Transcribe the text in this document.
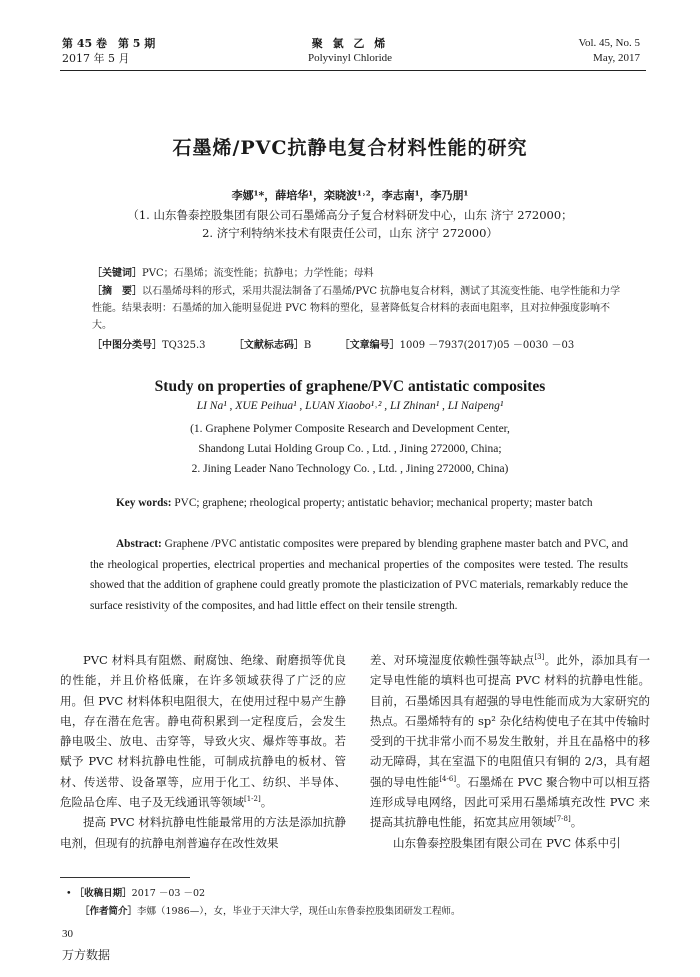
第 45 卷　第 5 期
2017 年 5 月
聚 氯 乙 烯
Polyvinyl Chloride
Vol. 45, No. 5
May, 2017
石墨烯/PVC抗静电复合材料性能的研究
李娜¹*，薛培华¹，栾晓波¹˒²，李志南¹，李乃朋¹
（1. 山东鲁泰控股集团有限公司石墨烯高分子复合材料研发中心，山东 济宁 272000；
2. 济宁利特纳米技术有限责任公司，山东 济宁 272000）
［关键词］PVC；石墨烯；流变性能；抗静电；力学性能；母料
［摘　要］以石墨烯母料的形式，采用共混法制备了石墨烯/PVC 抗静电复合材料，测试了其流变性能、电学性能和力学性能。结果表明：石墨烯的加入能明显促进 PVC 物料的塑化，显著降低复合材料的表面电阻率，且对拉伸强度影响不大。
［中图分类号］TQ325.3	［文献标志码］B	［文章编号］1009 －7937(2017)05 －0030 －03
Study on properties of graphene/PVC antistatic composites
LI Na¹ , XUE Peihua¹ , LUAN Xiaobo¹˒² , LI Zhinan¹ , LI Naipeng¹
(1. Graphene Polymer Composite Research and Development Center,
Shandong Lutai Holding Group Co. , Ltd. , Jining 272000, China;
2. Jining Leader Nano Technology Co. , Ltd. , Jining 272000, China)
Key words: PVC; graphene; rheological property; antistatic behavior; mechanical property; master batch
Abstract: Graphene /PVC antistatic composites were prepared by blending graphene master batch and PVC, and the rheological properties, electrical properties and mechanical properties of the composites were tested. The results showed that the addition of graphene could greatly promote the plasticization of PVC materials, remarkably reduce the surface resistivity of the composites, and had little effect on their tensile strength.

PVC 材料具有阻燃、耐腐蚀、绝缘、耐磨损等优良的性能，并且价格低廉，在许多领域获得了广泛的应用。但 PVC 材料体积电阻很大，在使用过程中易产生静电，存在潜在危害。静电荷积累到一定程度后，会发生静电吸尘、放电、击穿等，导致火灾、爆炸等事故。若赋予 PVC 材料抗静电性能，可制成抗静电的板材、管材、传送带、设备罩等，应用于化工、纺织、半导体、危险品仓库、电子及无线通讯等领域[1-2]。

提高 PVC 材料抗静电性能最常用的方法是添加抗静电剂，但现有的抗静电剂普遍存在改性效果

差、对环境湿度依赖性强等缺点[3]。此外，添加具有一定导电性能的填料也可提高 PVC 材料的抗静电性能。目前，石墨烯因具有超强的导电性能而成为大家研究的热点。石墨烯特有的 sp² 杂化结构使电子在其中传输时受到的干扰非常小而不易发生散射，并且在晶格中的移动无障碍，其在室温下的电阻值只有铜的 2/3，具有超强的导电性能[4-6]。石墨烯在 PVC 聚合物中可以相互搭连形成导电网络，因此可采用石墨烯填充改性 PVC 来提高其抗静电性能，拓宽其应用领域[7-8]。

山东鲁泰控股集团有限公司在 PVC 体系中引

• ［收稿日期］2017 －03 －02
［作者简介］李娜（1986—），女，毕业于天津大学，现任山东鲁泰控股集团研发工程师。
30
万方数据
